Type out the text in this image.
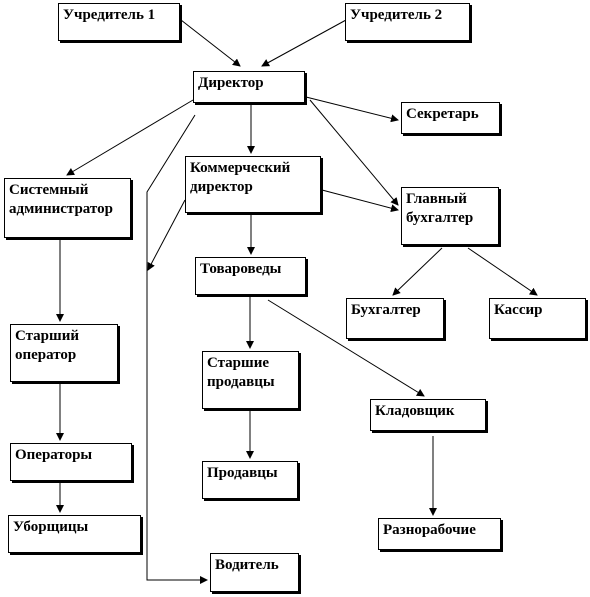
Учредитель 1	Учредитель 2
Директор
Секретарь
Системный
администратор
Коммерческий
директор
Главный
бухгалтер
Товароведы
Бухгалтер	Кассир
Старший
оператор	Старшие
продавцы
Кладовщик
Операторы
Продавцы
Разнорабочие
Уборщицы
Водитель
